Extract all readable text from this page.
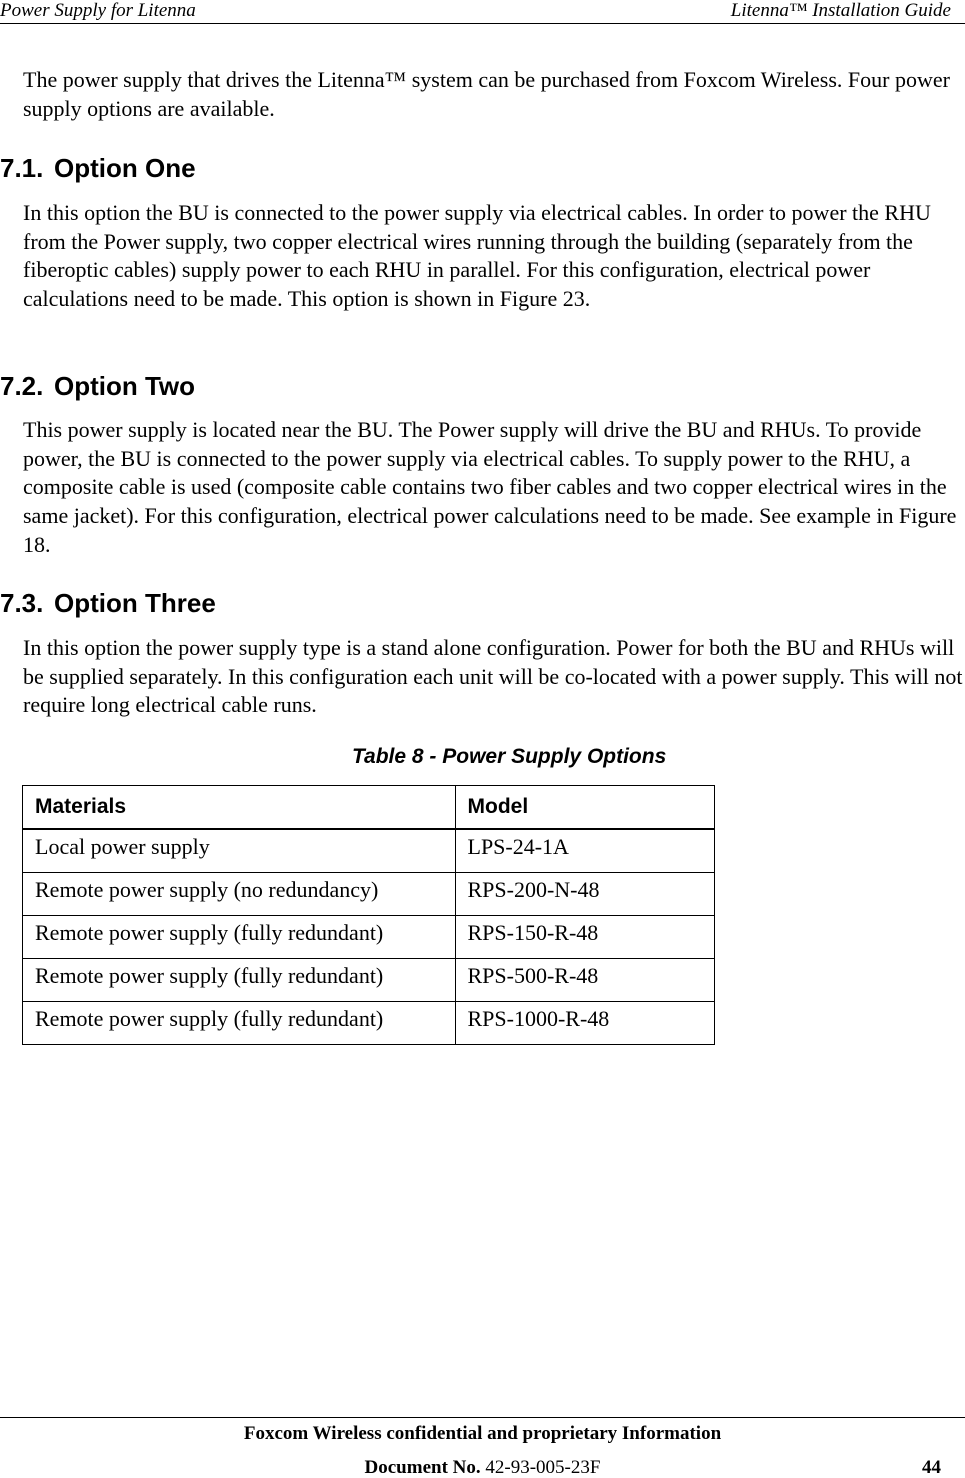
Power Supply for Litenna	Litenna™ Installation Guide

The power supply that drives the Litenna™ system can be purchased from Foxcom Wireless. Four power supply options are available.

7.1. Option One

In this option the BU is connected to the power supply via electrical cables. In order to power the RHU from the Power supply, two copper electrical wires running through the building (separately from the fiberoptic cables) supply power to each RHU in parallel. For this configuration, electrical power calculations need to be made. This option is shown in Figure 23.

7.2. Option Two

This power supply is located near the BU. The Power supply will drive the BU and RHUs. To provide power, the BU is connected to the power supply via electrical cables. To supply power to the RHU, a composite cable is used (composite cable contains two fiber cables and two copper electrical wires in the same jacket). For this configuration, electrical power calculations need to be made. See example in Figure 18.

7.3. Option Three

In this option the power supply type is a stand alone configuration. Power for both the BU and RHUs will be supplied separately. In this configuration each unit will be co-located with a power supply. This will not require long electrical cable runs.

Table 8 - Power Supply Options
Materials	Model
Local power supply	LPS-24-1A
Remote power supply (no redundancy)	RPS-200-N-48
Remote power supply (fully redundant)	RPS-150-R-48
Remote power supply (fully redundant)	RPS-500-R-48
Remote power supply (fully redundant)	RPS-1000-R-48
Foxcom Wireless confidential and proprietary Information
Document No. 42-93-005-23F	44
